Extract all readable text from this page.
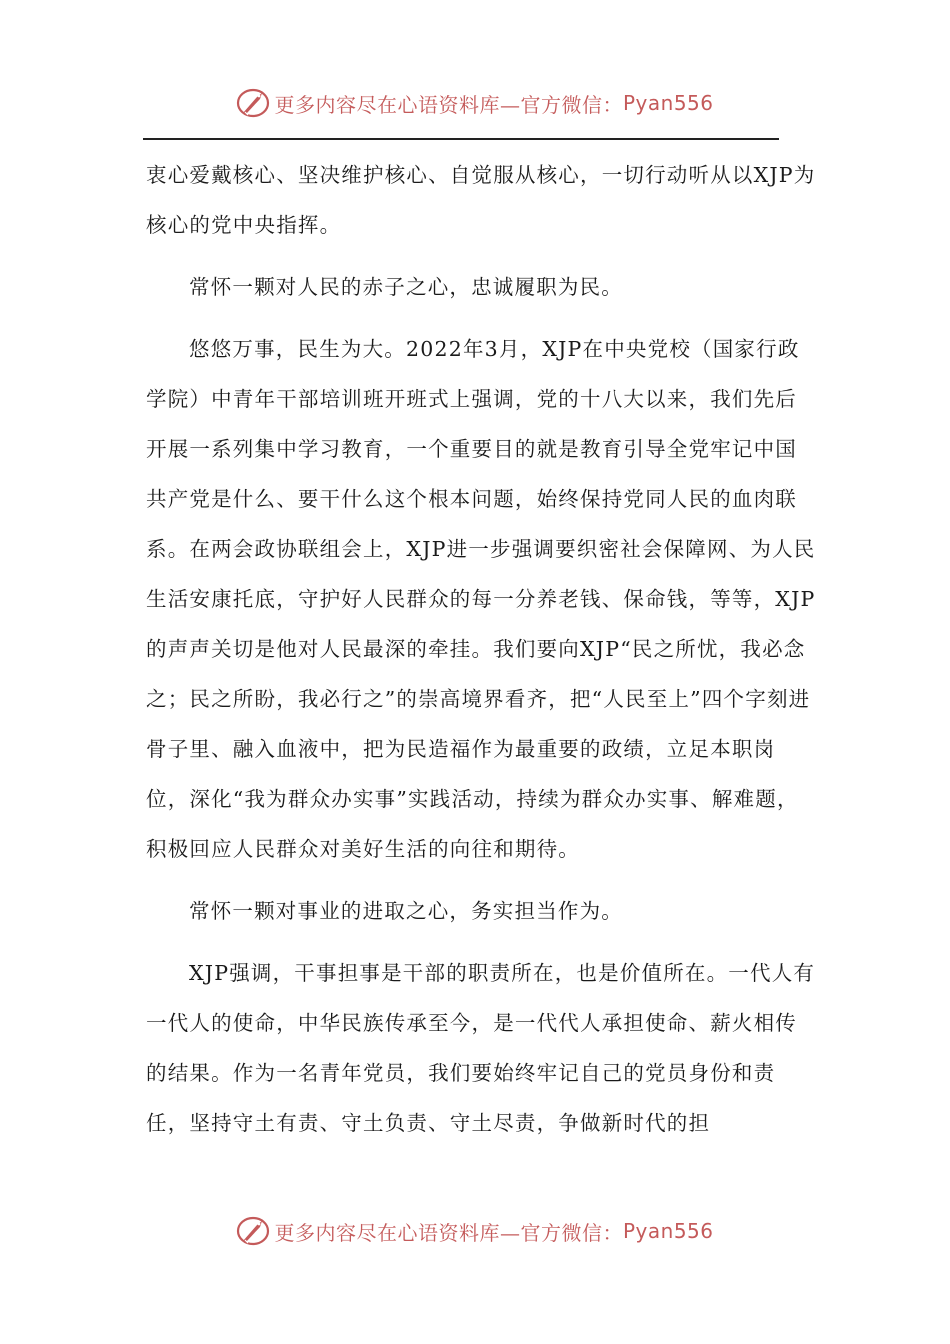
更多内容尽在心语资料库—官方微信： Pyan556

衷心爱戴核心、坚决维护核心、自觉服从核心，一切行动听从以XJP为核心的党中央指挥。

常怀一颗对人民的赤子之心，忠诚履职为民。

悠悠万事，民生为大。2022年3月，XJP在中央党校（国家行政学院）中青年干部培训班开班式上强调，党的十八大以来，我们先后开展一系列集中学习教育，一个重要目的就是教育引导全党牢记中国共产党是什么、要干什么这个根本问题，始终保持党同人民的血肉联系。在两会政协联组会上，XJP进一步强调要织密社会保障网、为人民生活安康托底，守护好人民群众的每一分养老钱、保命钱，等等，XJP的声声关切是他对人民最深的牵挂。我们要向XJP“民之所忧，我必念之；民之所盼，我必行之”的崇高境界看齐，把“人民至上”四个字刻进骨子里、融入血液中，把为民造福作为最重要的政绩，立足本职岗位，深化“我为群众办实事”实践活动，持续为群众办实事、解难题，积极回应人民群众对美好生活的向往和期待。

常怀一颗对事业的进取之心，务实担当作为。

XJP强调，干事担事是干部的职责所在，也是价值所在。一代人有一代人的使命，中华民族传承至今，是一代代人承担使命、薪火相传的结果。作为一名青年党员，我们要始终牢记自己的党员身份和责任，坚持守土有责、守土负责、守土尽责，争做新时代的担

更多内容尽在心语资料库—官方微信： Pyan556
